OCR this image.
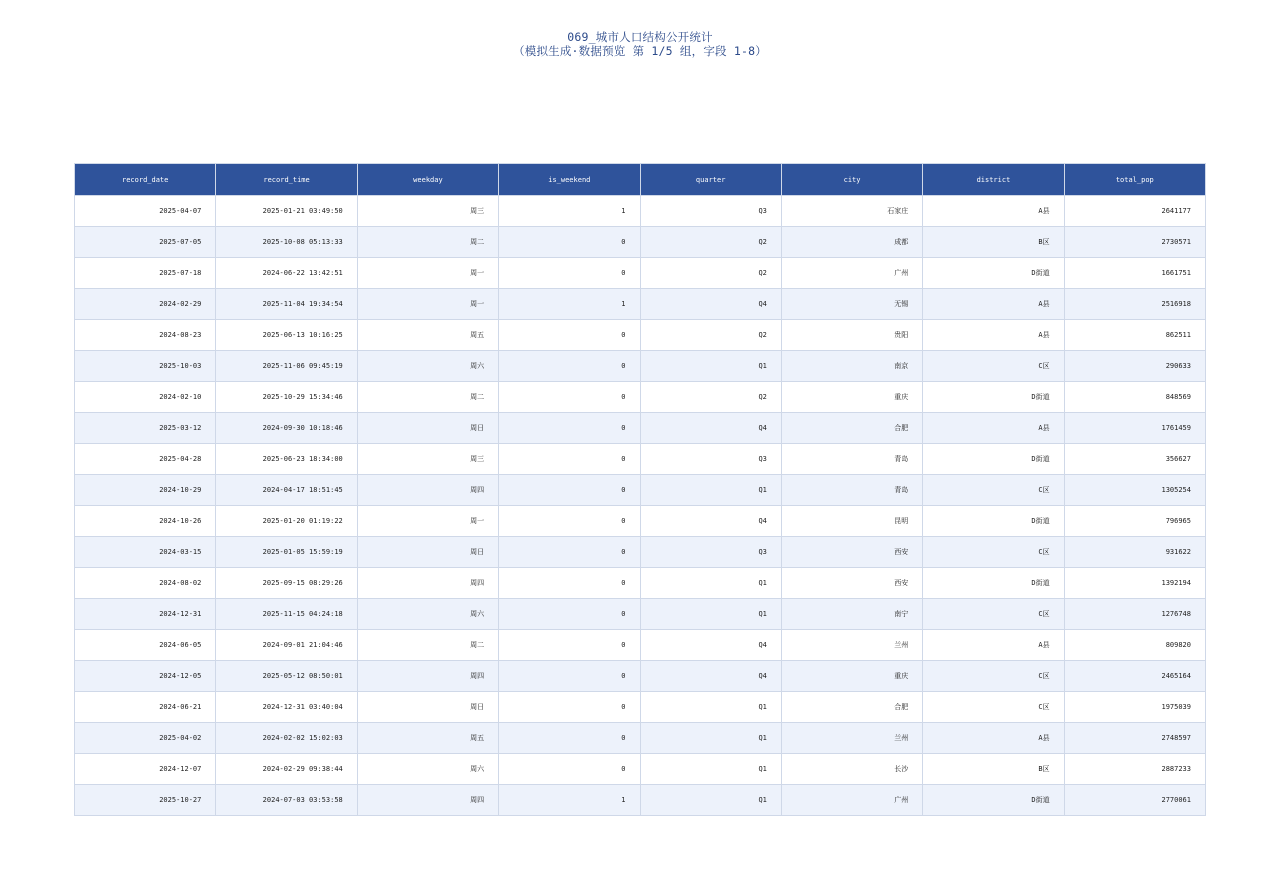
069_城市人口结构公开统计
（模拟生成·数据预览 第 1/5 组，字段 1-8）
record_date	record_time	weekday	is_weekend	quarter	city	district	total_pop
2025-04-07	2025-01-21 03:49:50	周三	1	Q3	石家庄	A县	2641177
2025-07-05	2025-10-08 05:13:33	周二	0	Q2	成都	B区	2730571
2025-07-18	2024-06-22 13:42:51	周一	0	Q2	广州	D街道	1661751
2024-02-29	2025-11-04 19:34:54	周一	1	Q4	无锡	A县	2516918
2024-08-23	2025-06-13 10:16:25	周五	0	Q2	贵阳	A县	862511
2025-10-03	2025-11-06 09:45:19	周六	0	Q1	南京	C区	290633
2024-02-10	2025-10-29 15:34:46	周二	0	Q2	重庆	D街道	848569
2025-03-12	2024-09-30 10:18:46	周日	0	Q4	合肥	A县	1761459
2025-04-28	2025-06-23 18:34:00	周三	0	Q3	青岛	D街道	356627
2024-10-29	2024-04-17 18:51:45	周四	0	Q1	青岛	C区	1305254
2024-10-26	2025-01-20 01:19:22	周一	0	Q4	昆明	D街道	796965
2024-03-15	2025-01-05 15:59:19	周日	0	Q3	西安	C区	931622
2024-08-02	2025-09-15 08:29:26	周四	0	Q1	西安	D街道	1392194
2024-12-31	2025-11-15 04:24:18	周六	0	Q1	南宁	C区	1276748
2024-06-05	2024-09-01 21:04:46	周二	0	Q4	兰州	A县	809820
2024-12-05	2025-05-12 08:50:01	周四	0	Q4	重庆	C区	2465164
2024-06-21	2024-12-31 03:40:04	周日	0	Q1	合肥	C区	1975039
2025-04-02	2024-02-02 15:02:03	周五	0	Q1	兰州	A县	2748597
2024-12-07	2024-02-29 09:38:44	周六	0	Q1	长沙	B区	2887233
2025-10-27	2024-07-03 03:53:58	周四	1	Q1	广州	D街道	2770061
